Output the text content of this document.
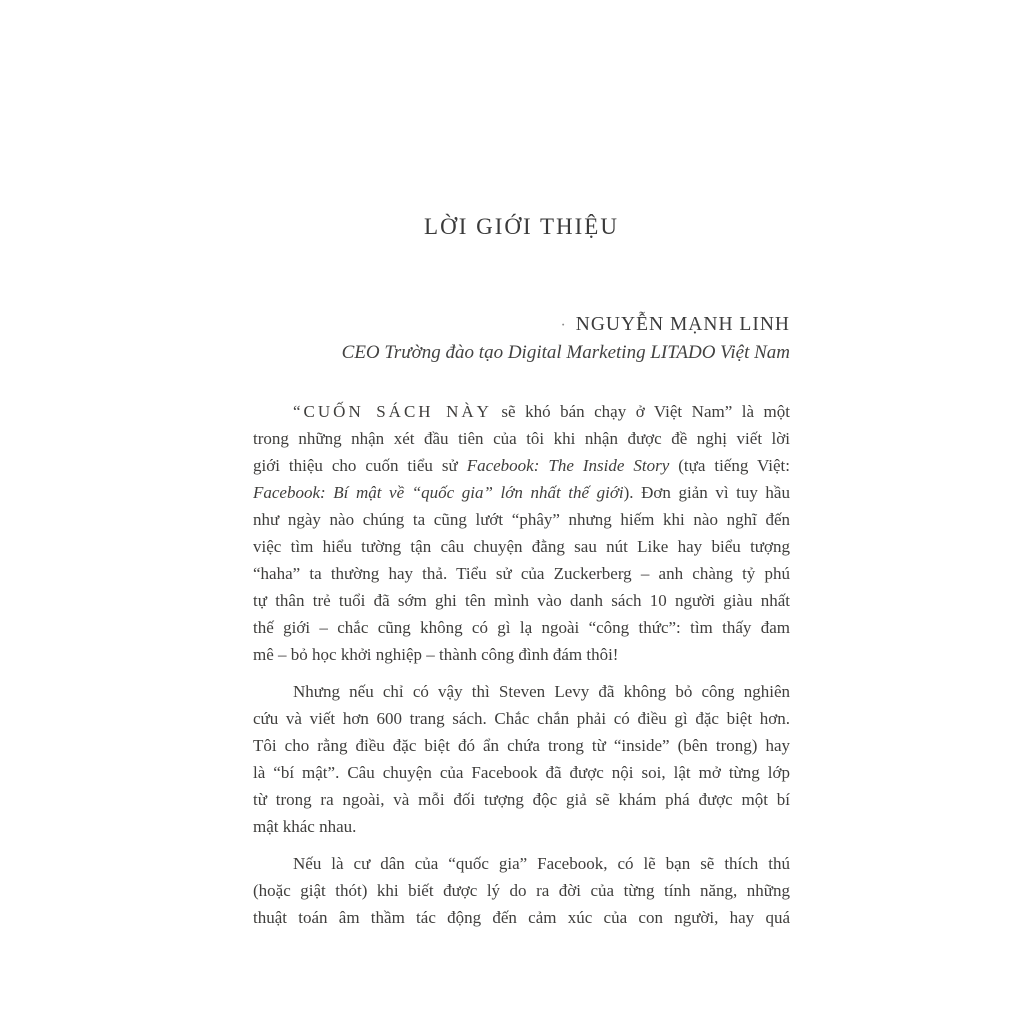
LỜI GIỚI THIỆU
· NGUYỄN MẠNH LINH
CEO Trường đào tạo Digital Marketing LITADO Việt Nam
“CUỐN SÁCH NÀY sẽ khó bán chạy ở Việt Nam” là một
trong những nhận xét đầu tiên của tôi khi nhận được đề nghị viết lời
giới thiệu cho cuốn tiểu sử Facebook: The Inside Story (tựa tiếng Việt:
Facebook: Bí mật về “quốc gia” lớn nhất thế giới). Đơn giản vì tuy hầu
như ngày nào chúng ta cũng lướt “phây” nhưng hiếm khi nào nghĩ đến
việc tìm hiểu tường tận câu chuyện đằng sau nút Like hay biểu tượng
“haha” ta thường hay thả. Tiểu sử của Zuckerberg – anh chàng tỷ phú
tự thân trẻ tuổi đã sớm ghi tên mình vào danh sách 10 người giàu nhất
thế giới – chắc cũng không có gì lạ ngoài “công thức”: tìm thấy đam
mê – bỏ học khởi nghiệp – thành công đình đám thôi!
Nhưng nếu chỉ có vậy thì Steven Levy đã không bỏ công nghiên
cứu và viết hơn 600 trang sách. Chắc chắn phải có điều gì đặc biệt hơn.
Tôi cho rằng điều đặc biệt đó ẩn chứa trong từ “inside” (bên trong) hay
là “bí mật”. Câu chuyện của Facebook đã được nội soi, lật mở từng lớp
từ trong ra ngoài, và mỗi đối tượng độc giả sẽ khám phá được một bí
mật khác nhau.
Nếu là cư dân của “quốc gia” Facebook, có lẽ bạn sẽ thích thú
(hoặc giật thót) khi biết được lý do ra đời của từng tính năng, những
thuật toán âm thầm tác động đến cảm xúc của con người, hay quá
